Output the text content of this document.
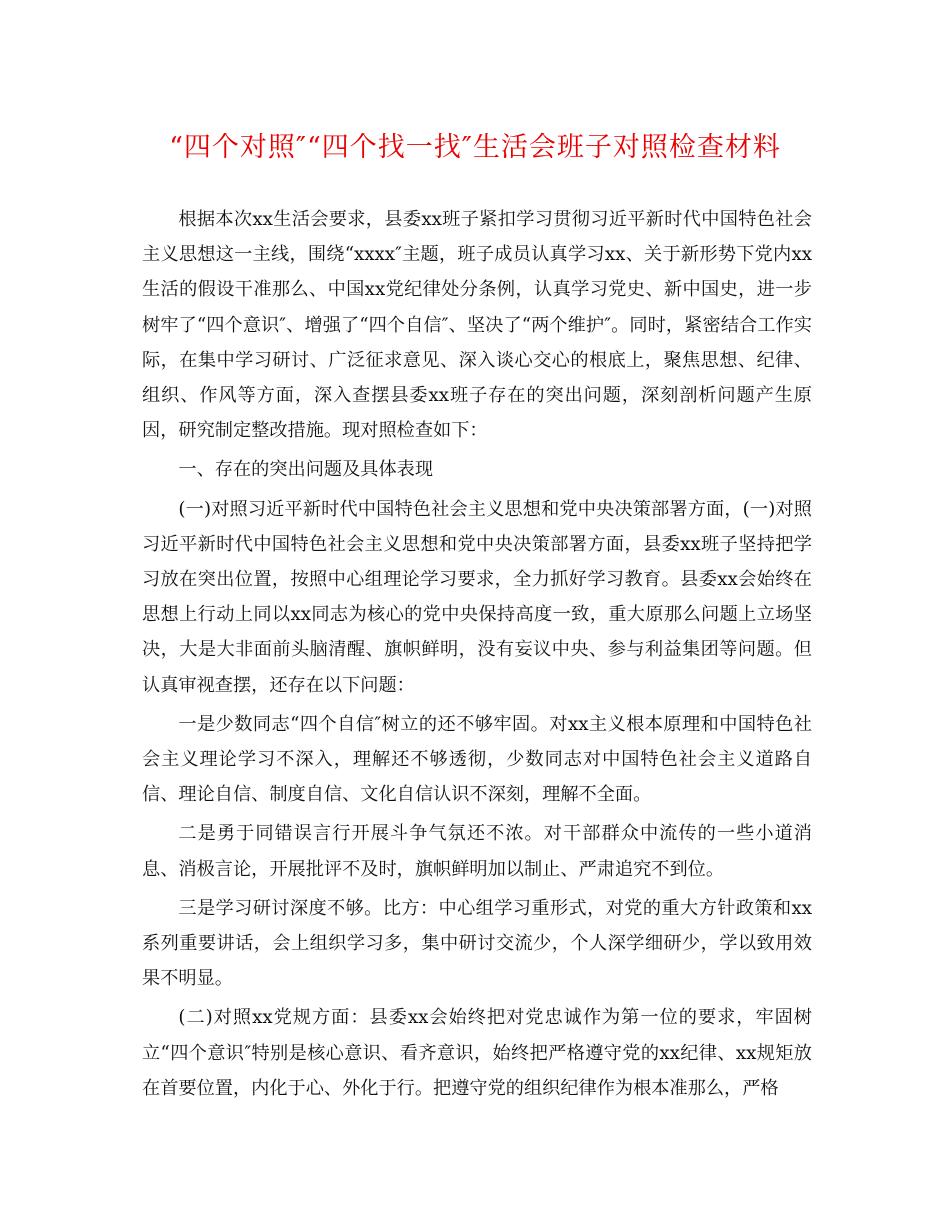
“四个对照″“四个找一找″生活会班子对照检查材料

根据本次xx生活会要求，县委xx班子紧扣学习贯彻习近平新时代中国特色社会主义思想这一主线，围绕“xxxx″主题，班子成员认真学习xx、关于新形势下党内xx生活的假设干准那么、中国xx党纪律处分条例，认真学习党史、新中国史，进一步树牢了“四个意识″、增强了“四个自信″、坚决了“两个维护″。同时，紧密结合工作实际，在集中学习研讨、广泛征求意见、深入谈心交心的根底上，聚焦思想、纪律、组织、作风等方面，深入查摆县委xx班子存在的突出问题，深刻剖析问题产生原因，研究制定整改措施。现对照检查如下：

一、存在的突出问题及具体表现

(一)对照习近平新时代中国特色社会主义思想和党中央决策部署方面，(一)对照习近平新时代中国特色社会主义思想和党中央决策部署方面，县委xx班子坚持把学习放在突出位置，按照中心组理论学习要求，全力抓好学习教育。县委xx会始终在思想上行动上同以xx同志为核心的党中央保持高度一致，重大原那么问题上立场坚决，大是大非面前头脑清醒、旗帜鲜明，没有妄议中央、参与利益集团等问题。但认真审视查摆，还存在以下问题：

一是少数同志“四个自信″树立的还不够牢固。对xx主义根本原理和中国特色社会主义理论学习不深入，理解还不够透彻，少数同志对中国特色社会主义道路自信、理论自信、制度自信、文化自信认识不深刻，理解不全面。

二是勇于同错误言行开展斗争气氛还不浓。对干部群众中流传的一些小道消息、消极言论，开展批评不及时，旗帜鲜明加以制止、严肃追究不到位。

三是学习研讨深度不够。比方：中心组学习重形式，对党的重大方针政策和xx系列重要讲话，会上组织学习多，集中研讨交流少，个人深学细研少，学以致用效果不明显。

(二)对照xx党规方面：县委xx会始终把对党忠诚作为第一位的要求，牢固树立“四个意识″特别是核心意识、看齐意识，始终把严格遵守党的xx纪律、xx规矩放在首要位置，内化于心、外化于行。把遵守党的组织纪律作为根本准那么，严格
